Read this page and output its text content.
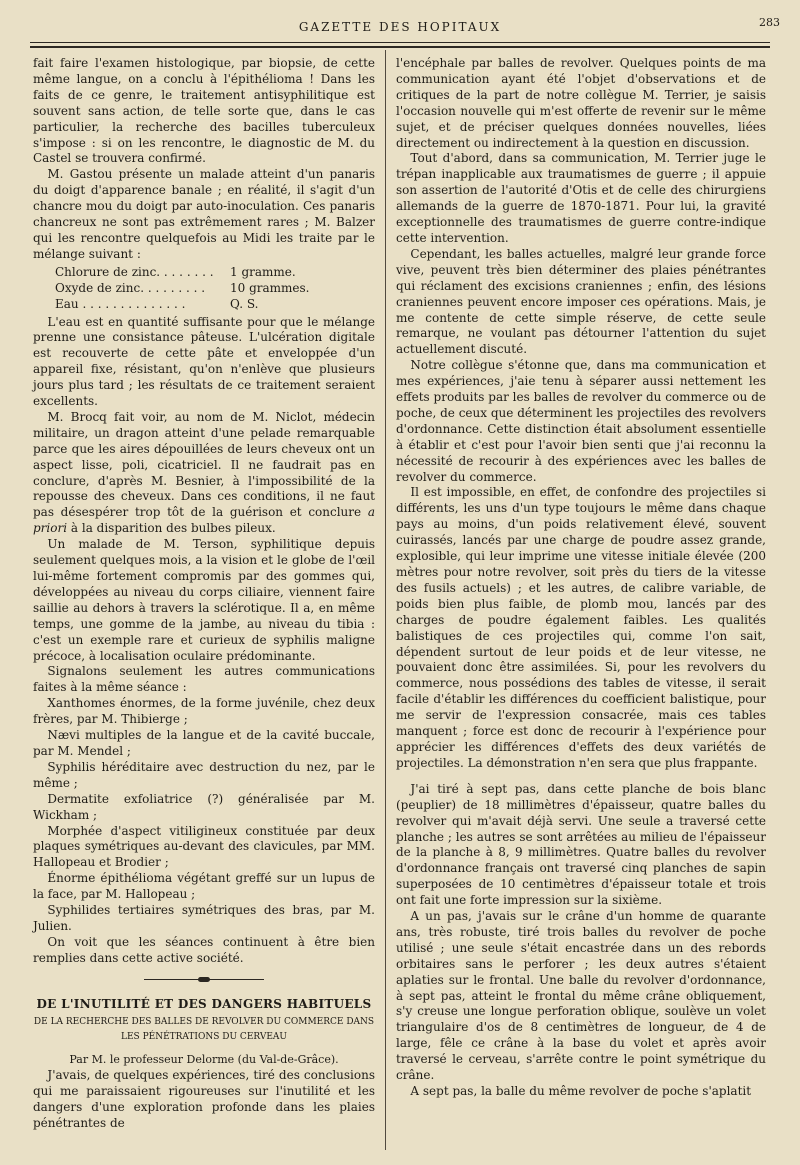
GAZETTE DES HOPITAUX	283

fait faire l'examen histologique, par biopsie, de cette même langue, on a conclu à l'épithélioma ! Dans les faits de ce genre, le traitement antisyphilitique est souvent sans action, de telle sorte que, dans le cas particulier, la recherche des bacilles tuberculeux s'impose : si on les rencontre, le diagnostic de M. du Castel se trouvera confirmé.

M. Gastou présente un malade atteint d'un panaris du doigt d'apparence banale ; en réalité, il s'agit d'un chancre mou du doigt par auto-inoculation. Ces panaris chancreux ne sont pas extrêmement rares ; M. Balzer qui les rencontre quelquefois au Midi les traite par le mélange suivant :

Chlorure de zinc. . . . . . . .	1 gramme.
Oxyde de zinc. . . . . . . . .	10 grammes.
Eau . . . . . . . . . . . . . .	Q. S.

L'eau est en quantité suffisante pour que le mélange prenne une consistance pâteuse. L'ulcération digitale est recouverte de cette pâte et enveloppée d'un appareil fixe, résistant, qu'on n'enlève que plusieurs jours plus tard ; les résultats de ce traitement seraient excellents.

M. Brocq fait voir, au nom de M. Niclot, médecin militaire, un dragon atteint d'une pelade remarquable parce que les aires dépouillées de leurs cheveux ont un aspect lisse, poli, cicatriciel. Il ne faudrait pas en conclure, d'après M. Besnier, à l'impossibilité de la repousse des cheveux. Dans ces conditions, il ne faut pas désespérer trop tôt de la guérison et conclure a priori à la disparition des bulbes pileux.

Un malade de M. Terson, syphilitique depuis seulement quelques mois, a la vision et le globe de l'œil lui-même fortement compromis par des gommes qui, développées au niveau du corps ciliaire, viennent faire saillie au dehors à travers la sclérotique. Il a, en même temps, une gomme de la jambe, au niveau du tibia : c'est un exemple rare et curieux de syphilis maligne précoce, à localisation oculaire prédominante.

Signalons seulement les autres communications faites à la même séance :

Xanthomes énormes, de la forme juvénile, chez deux frères, par M. Thibierge ;

Nævi multiples de la langue et de la cavité buccale, par M. Mendel ;

Syphilis héréditaire avec destruction du nez, par le même ;

Dermatite exfoliatrice (?) généralisée par M. Wickham ;

Morphée d'aspect vitiligineux constituée par deux plaques symétriques au-devant des clavicules, par MM. Hallopeau et Brodier ;

Énorme épithélioma végétant greffé sur un lupus de la face, par M. Hallopeau ;

Syphilides tertiaires symétriques des bras, par M. Julien.

On voit que les séances continuent à être bien remplies dans cette active société.

DE L'INUTILITÉ ET DES DANGERS HABITUELS
DE LA RECHERCHE DES BALLES DE REVOLVER DU COMMERCE DANS
LES PÉNÉTRATIONS DU CERVEAU
Par M. le professeur Delorme (du Val-de-Grâce).

J'avais, de quelques expériences, tiré des conclusions qui me paraissaient rigoureuses sur l'inutilité et les dangers d'une exploration profonde dans les plaies pénétrantes de

l'encéphale par balles de revolver. Quelques points de ma communication ayant été l'objet d'observations et de critiques de la part de notre collègue M. Terrier, je saisis l'occasion nouvelle qui m'est offerte de revenir sur le même sujet, et de préciser quelques données nouvelles, liées directement ou indirectement à la question en discussion.

Tout d'abord, dans sa communication, M. Terrier juge le trépan inapplicable aux traumatismes de guerre ; il appuie son assertion de l'autorité d'Otis et de celle des chirurgiens allemands de la guerre de 1870-1871. Pour lui, la gravité exceptionnelle des traumatismes de guerre contre-indique cette intervention.

Cependant, les balles actuelles, malgré leur grande force vive, peuvent très bien déterminer des plaies pénétrantes qui réclament des excisions craniennes ; enfin, des lésions craniennes peuvent encore imposer ces opérations. Mais, je me contente de cette simple réserve, de cette seule remarque, ne voulant pas détourner l'attention du sujet actuellement discuté.

Notre collègue s'étonne que, dans ma communication et mes expériences, j'aie tenu à séparer aussi nettement les effets produits par les balles de revolver du commerce ou de poche, de ceux que déterminent les projectiles des revolvers d'ordonnance. Cette distinction était absolument essentielle à établir et c'est pour l'avoir bien senti que j'ai reconnu la nécessité de recourir à des expériences avec les balles de revolver du commerce.

Il est impossible, en effet, de confondre des projectiles si différents, les uns d'un type toujours le même dans chaque pays au moins, d'un poids relativement élevé, souvent cuirassés, lancés par une charge de poudre assez grande, explosible, qui leur imprime une vitesse initiale élevée (200 mètres pour notre revolver, soit près du tiers de la vitesse des fusils actuels) ; et les autres, de calibre variable, de poids bien plus faible, de plomb mou, lancés par des charges de poudre également faibles. Les qualités balistiques de ces projectiles qui, comme l'on sait, dépendent surtout de leur poids et de leur vitesse, ne pouvaient donc être assimilées. Si, pour les revolvers du commerce, nous possédions des tables de vitesse, il serait facile d'établir les différences du coefficient balistique, pour me servir de l'expression consacrée, mais ces tables manquent ; force est donc de recourir à l'expérience pour apprécier les différences d'effets des deux variétés de projectiles. La démonstration n'en sera que plus frappante.

J'ai tiré à sept pas, dans cette planche de bois blanc (peuplier) de 18 millimètres d'épaisseur, quatre balles du revolver qui m'avait déjà servi. Une seule a traversé cette planche ; les autres se sont arrêtées au milieu de l'épaisseur de la planche à 8, 9 millimètres. Quatre balles du revolver d'ordonnance français ont traversé cinq planches de sapin superposées de 10 centimètres d'épaisseur totale et trois ont fait une forte impression sur la sixième.

A un pas, j'avais sur le crâne d'un homme de quarante ans, très robuste, tiré trois balles du revolver de poche utilisé ; une seule s'était encastrée dans un des rebords orbitaires sans le perforer ; les deux autres s'étaient aplaties sur le frontal. Une balle du revolver d'ordonnance, à sept pas, atteint le frontal du même crâne obliquement, s'y creuse une longue perforation oblique, soulève un volet triangulaire d'os de 8 centimètres de longueur, de 4 de large, fêle ce crâne à la base du volet et après avoir traversé le cerveau, s'arrête contre le point symétrique du crâne.

A sept pas, la balle du même revolver de poche s'aplatit
